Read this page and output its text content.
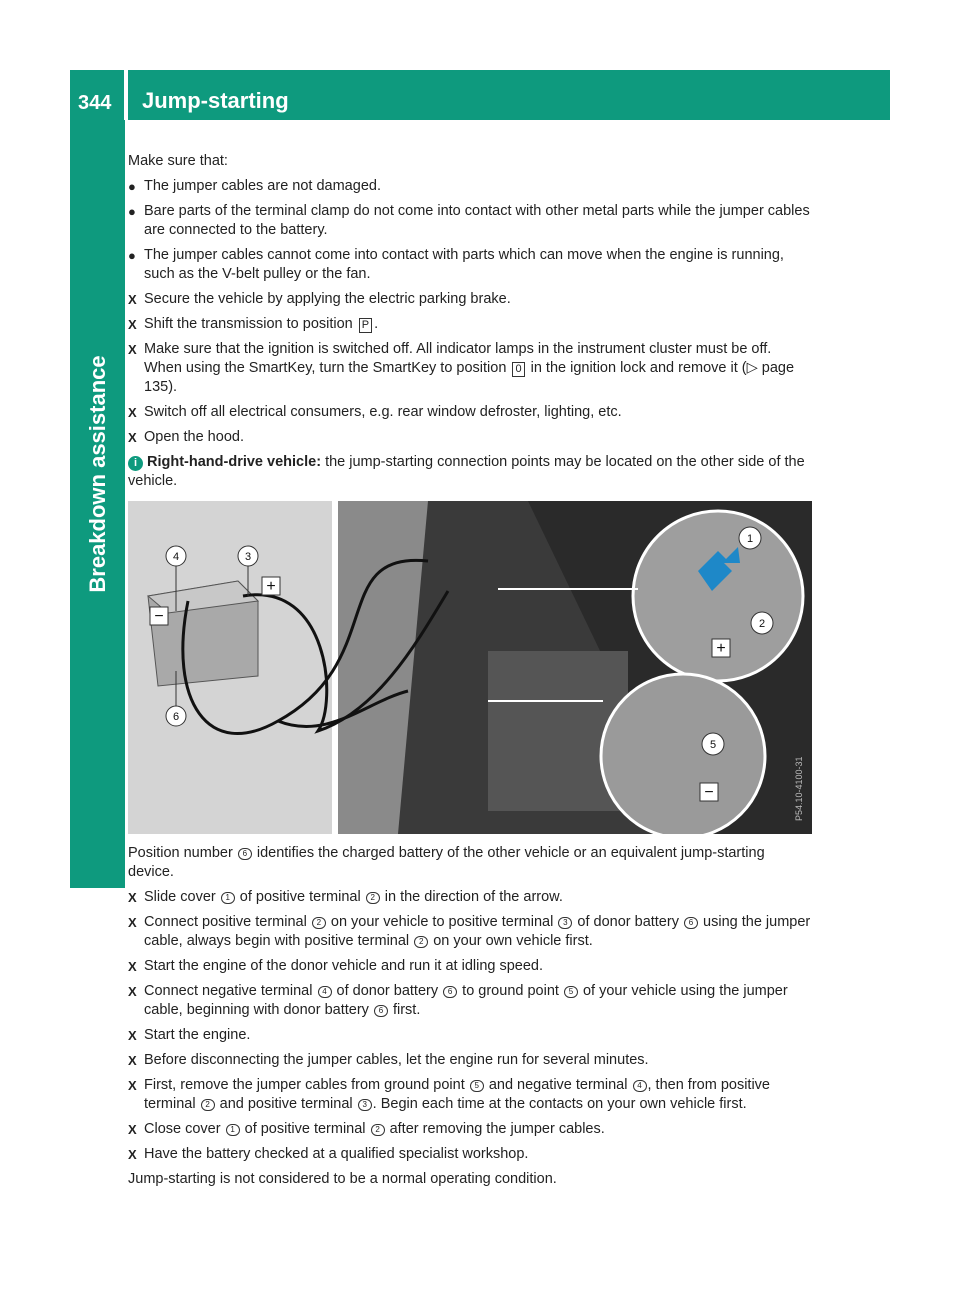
344 Jump-starting
Breakdown assistance

Make sure that:

● The jumper cables are not damaged.
● Bare parts of the terminal clamp do not come into contact with other metal parts while the jumper cables are connected to the battery.
● The jumper cables cannot come into contact with parts which can move when the engine is running, such as the V-belt pulley or the fan.
X Secure the vehicle by applying the electric parking brake.
X Shift the transmission to position P .
X Make sure that the ignition is switched off. All indicator lamps in the instrument cluster must be off. When using the SmartKey, turn the SmartKey to position 0 in the ignition lock and remove it (▷ page 135).
X Switch off all electrical consumers, e.g. rear window defroster, lighting, etc.
X Open the hood.

i Right-hand-drive vehicle: the jump-starting connection points may be located on the other side of the vehicle.

+
−
−
+
4	3
6
1
2
5
P54.10-4100-31

Position number 6 identifies the charged battery of the other vehicle or an equivalent jump-starting device.

X Slide cover 1 of positive terminal 2 in the direction of the arrow.
X Connect positive terminal 2 on your vehicle to positive terminal 3 of donor battery 6 using the jumper cable, always begin with positive terminal 2 on your own vehicle first.
X Start the engine of the donor vehicle and run it at idling speed.
X Connect negative terminal 4 of donor battery 6 to ground point 5 of your vehicle using the jumper cable, beginning with donor battery 6 first.
X Start the engine.
X Before disconnecting the jumper cables, let the engine run for several minutes.
X First, remove the jumper cables from ground point 5 and negative terminal 4 , then from positive terminal 2 and positive terminal 3 . Begin each time at the contacts on your own vehicle first.
X Close cover 1 of positive terminal 2 after removing the jumper cables.
X Have the battery checked at a qualified specialist workshop.

Jump-starting is not considered to be a normal operating condition.
